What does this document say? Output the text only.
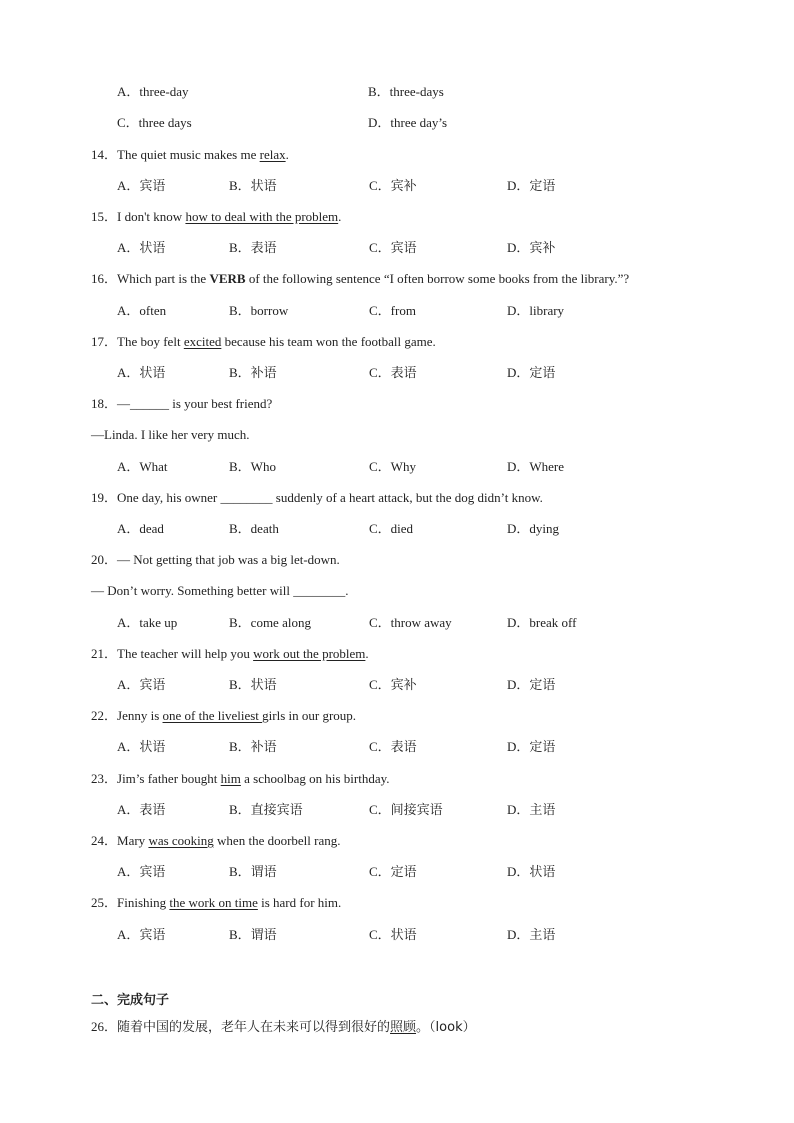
A．three-day	B．three-days
C．three days	D．three day’s
14．The quiet music makes me relax.
A．宾语	B．状语	C．宾补	D．定语
15．I don't know how to deal with the problem.
A．状语	B．表语	C．宾语	D．宾补
16．Which part is the VERB of the following sentence “I often borrow some books from the library.”?
A．often	B．borrow	C．from	D．library
17．The boy felt excited because his team won the football game.
A．状语	B．补语	C．表语	D．定语
18．—______ is your best friend?
—Linda. I like her very much.
A．What	B．Who	C．Why	D．Where
19．One day, his owner ________ suddenly of a heart attack, but the dog didn’t know.
A．dead	B．death	C．died	D．dying
20．— Not getting that job was a big let-down.
— Don’t worry. Something better will ________.
A．take up	B．come along	C．throw away	D．break off
21．The teacher will help you work out the problem.
A．宾语	B．状语	C．宾补	D．定语
22．Jenny is one of the liveliest girls in our group.
A．状语	B．补语	C．表语	D．定语
23．Jim’s father bought him a schoolbag on his birthday.
A．表语	B．直接宾语	C．间接宾语	D．主语
24．Mary was cooking when the doorbell rang.
A．宾语	B．谓语	C．定语	D．状语
25．Finishing the work on time is hard for him.
A．宾语	B．谓语	C．状语	D．主语
二、完成句子
26．随着中国的发展，老年人在未来可以得到很好的照顾。（look）
